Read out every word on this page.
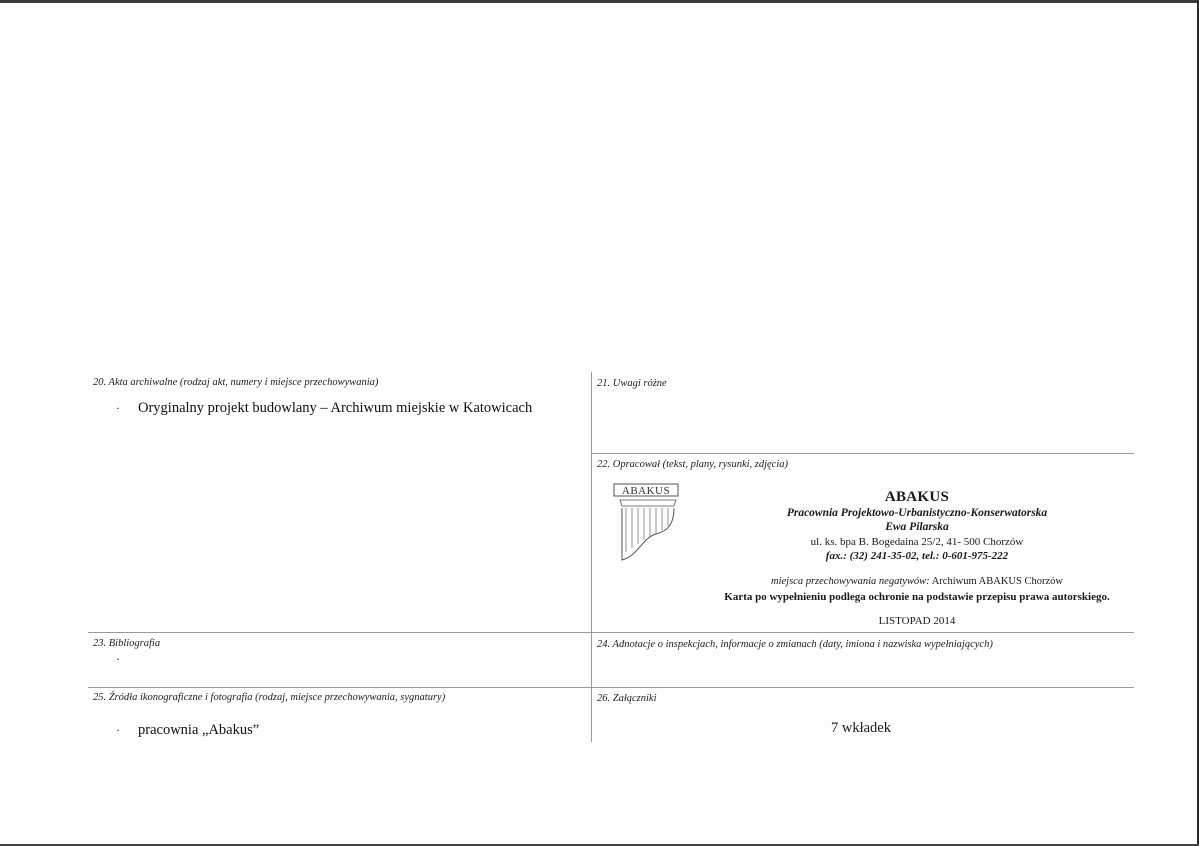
20. Akta archiwalne (rodzaj akt, numery i miejsce przechowywania)
· Oryginalny projekt budowlany – Archiwum miejskie w Katowicach
21. Uwagi różne
22. Opracował (tekst, plany, rysunki, zdjęcia)
ABAKUS	ABAKUS
Pracownia Projektowo-Urbanistyczno-Konserwatorska
Ewa Pilarska
ul. ks. bpa B. Bogedaina 25/2, 41- 500 Chorzów
fax.: (32) 241-35-02, tel.: 0-601-975-222
miejsca przechowywania negatywów: Archiwum ABAKUS Chorzów
Karta po wypełnieniu podlega ochronie na podstawie przepisu prawa autorskiego.
LISTOPAD 2014
23. Bibliografia
·
24. Adnotacje o inspekcjach, informacje o zmianach (daty, imiona i nazwiska wypełniających)
25. Źródła ikonograficzne i fotografia (rodzaj, miejsce przechowywania, sygnatury)
· pracownia „Abakus”
26. Załączniki
7 wkładek
